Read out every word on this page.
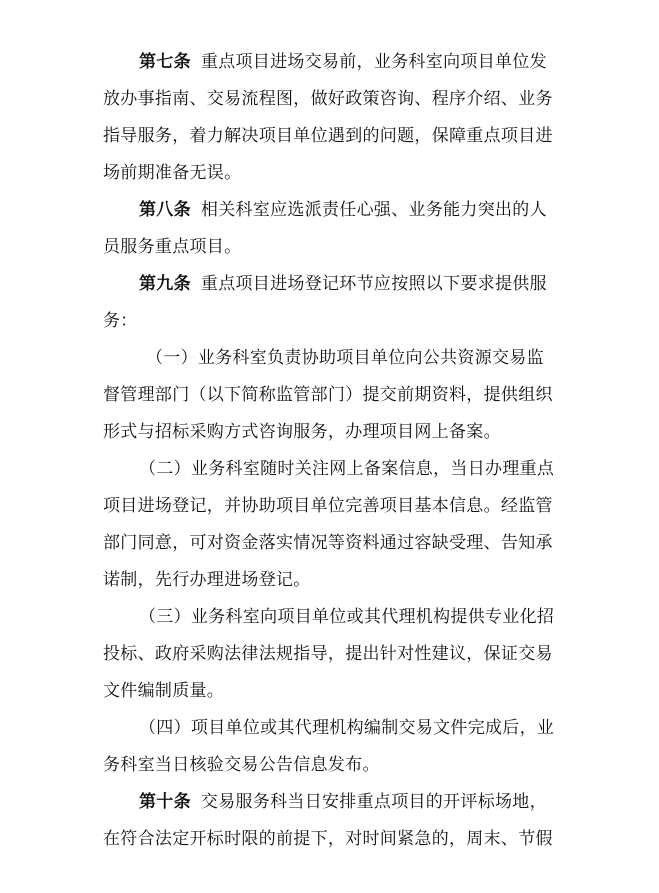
第七条 重点项目进场交易前，业务科室向项目单位发
放办事指南、交易流程图，做好政策咨询、程序介绍、业务
指导服务，着力解决项目单位遇到的问题，保障重点项目进
场前期准备无误。
第八条 相关科室应选派责任心强、业务能力突出的人
员服务重点项目。
第九条 重点项目进场登记环节应按照以下要求提供服
务：
（一）业务科室负责协助项目单位向公共资源交易监
督管理部门（以下简称监管部门）提交前期资料，提供组织
形式与招标采购方式咨询服务，办理项目网上备案。
（二）业务科室随时关注网上备案信息，当日办理重点
项目进场登记，并协助项目单位完善项目基本信息。经监管
部门同意，可对资金落实情况等资料通过容缺受理、告知承
诺制，先行办理进场登记。
（三）业务科室向项目单位或其代理机构提供专业化招
投标、政府采购法律法规指导，提出针对性建议，保证交易
文件编制质量。
（四）项目单位或其代理机构编制交易文件完成后，业
务科室当日核验交易公告信息发布。
第十条 交易服务科当日安排重点项目的开评标场地，
在符合法定开标时限的前提下，对时间紧急的，周末、节假
